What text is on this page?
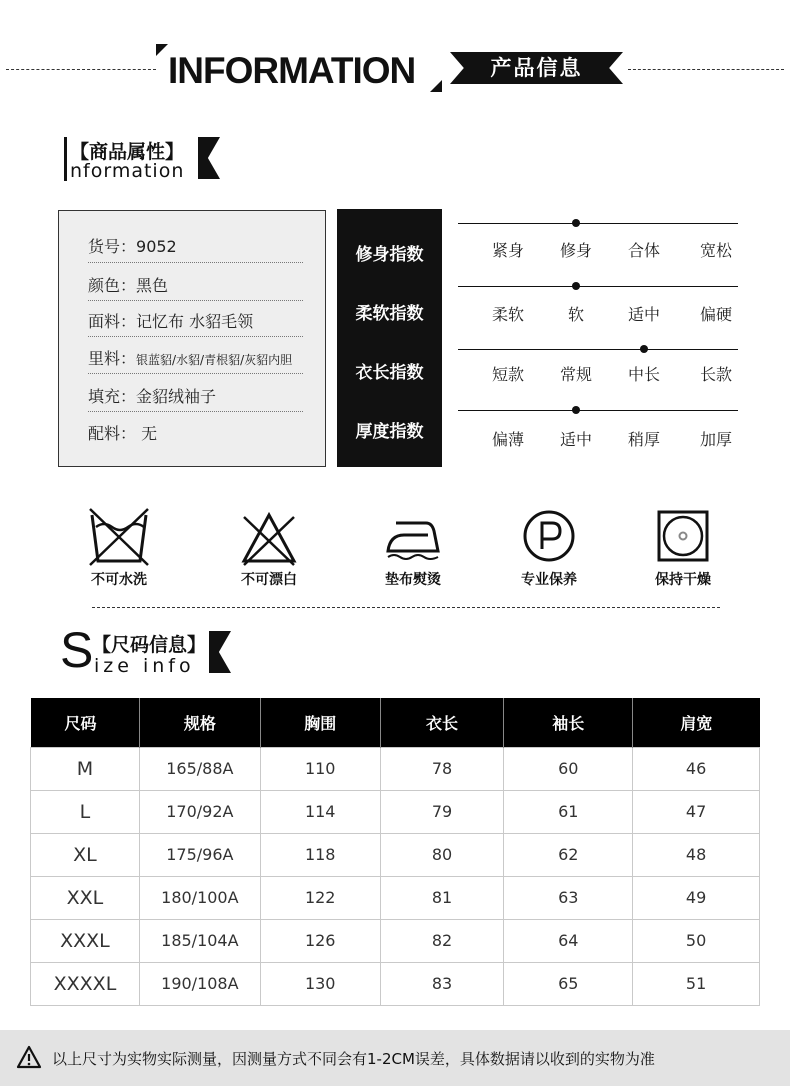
INFORMATION	产品信息
【商品属性】
nformation
货号：9052
颜色：黑色
面料：记忆布 水貂毛领
里料：银蓝貂/水貂/青根貂/灰貂内胆
填充：金貂绒袖子
配料： 无
修身指数	紧身	修身	合体	宽松
柔软指数	柔软	软	适中	偏硬
衣长指数	短款	常规	中长	长款
厚度指数	偏薄	适中	稍厚	加厚
不可水洗	不可漂白	垫布熨烫	专业保养	保持干燥
S
【尺码信息】
ize info
尺码	规格	胸围	衣长	袖长	肩宽
M	165/88A	110	78	60	46
L	170/92A	114	79	61	47
XL	175/96A	118	80	62	48
XXL	180/100A	122	81	63	49
XXXL	185/104A	126	82	64	50
XXXXL	190/108A	130	83	65	51
以上尺寸为实物实际测量，因测量方式不同会有1-2CM误差，具体数据请以收到的实物为准
